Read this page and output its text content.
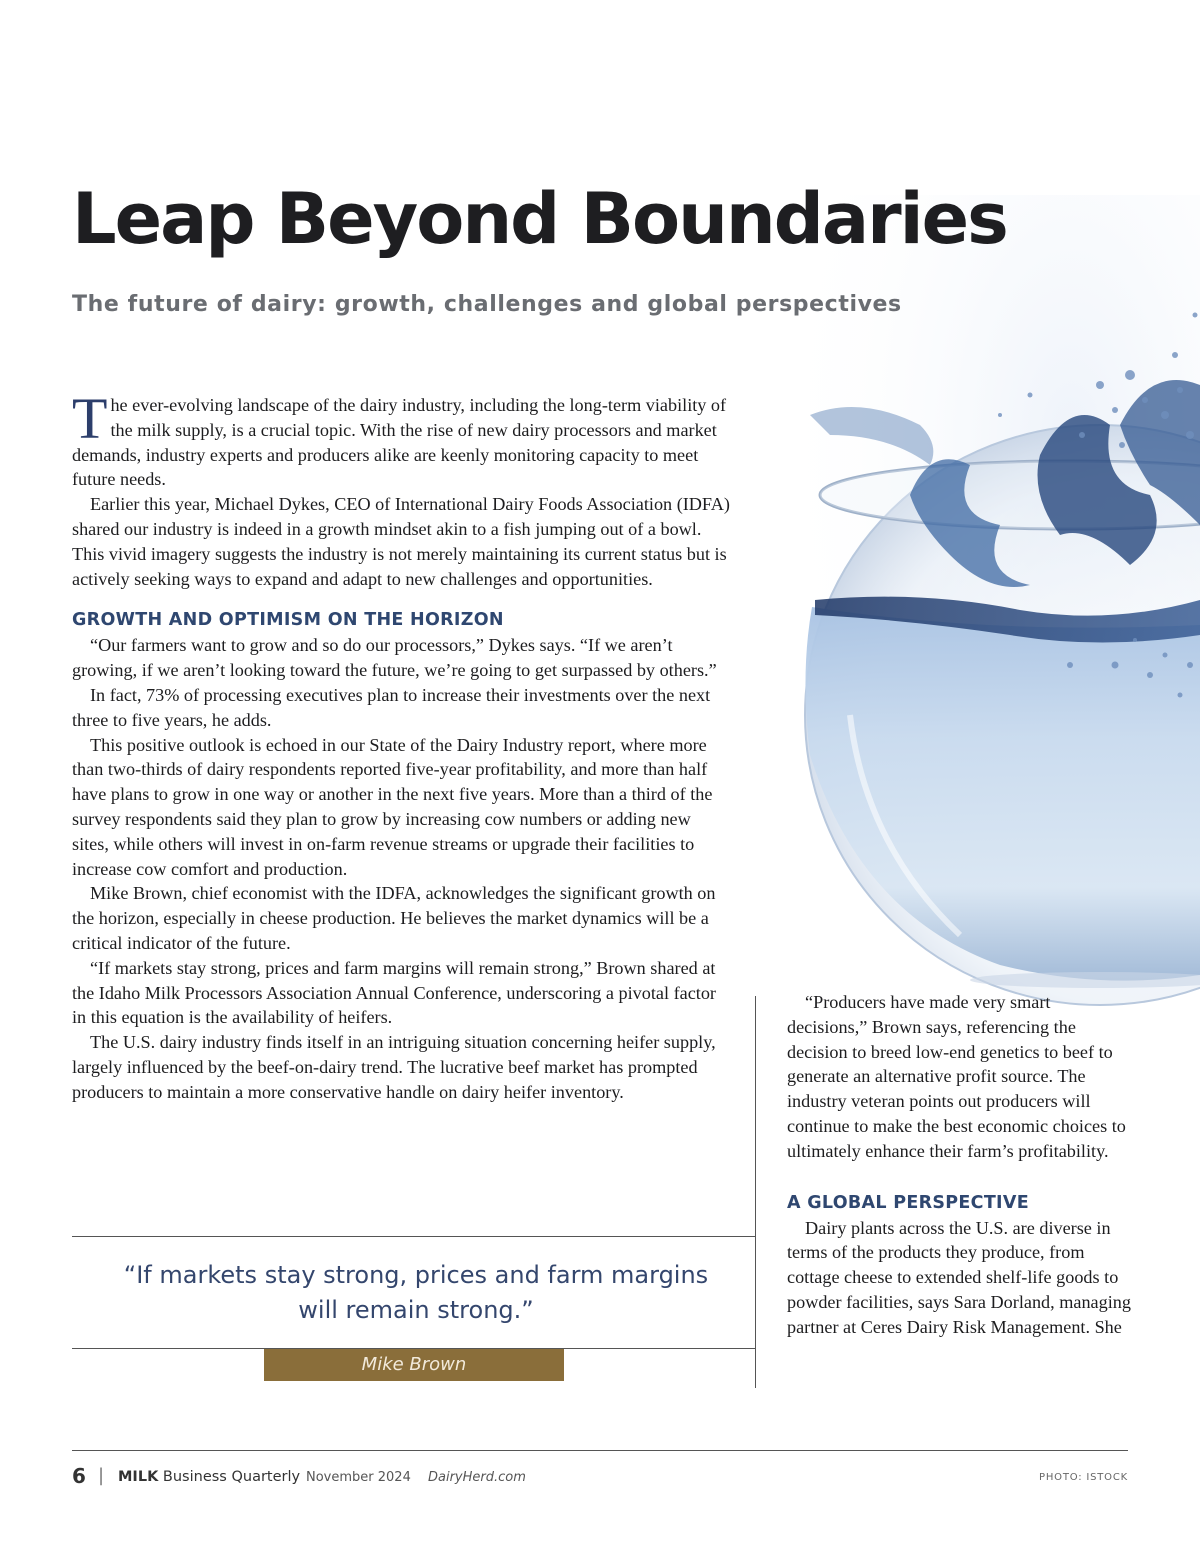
Leap Beyond Boundaries
The future of dairy: growth, challenges and global perspectives

The ever-evolving landscape of the dairy industry, including the long-term viability of the milk supply, is a crucial topic. With the rise of new dairy processors and market demands, industry experts and producers alike are keenly monitoring capacity to meet future needs.

Earlier this year, Michael Dykes, CEO of International Dairy Foods Association (IDFA) shared our industry is indeed in a growth mindset akin to a fish jumping out of a bowl. This vivid imagery suggests the industry is not merely maintaining its current status but is actively seeking ways to expand and adapt to new challenges and opportunities.

GROWTH AND OPTIMISM ON THE HORIZON

“Our farmers want to grow and so do our processors,” Dykes says. “If we aren’t growing, if we aren’t looking toward the future, we’re going to get surpassed by others.”

In fact, 73% of processing executives plan to increase their investments over the next three to five years, he adds.

This positive outlook is echoed in our State of the Dairy Industry report, where more than two-thirds of dairy respondents reported five-year profitability, and more than half have plans to grow in one way or another in the next five years. More than a third of the survey respondents said they plan to grow by increasing cow numbers or adding new sites, while others will invest in on-farm revenue streams or upgrade their facilities to increase cow comfort and production.

Mike Brown, chief economist with the IDFA, acknowledges the significant growth on the horizon, especially in cheese production. He believes the market dynamics will be a critical indicator of the future.

“If markets stay strong, prices and farm margins will remain strong,” Brown shared at the Idaho Milk Processors Association Annual Conference, underscoring a pivotal factor in this equation is the availability of heifers.

The U.S. dairy industry finds itself in an intriguing situation concerning heifer supply, largely influenced by the beef-on-dairy trend. The lucrative beef market has prompted producers to maintain a more conservative handle on dairy heifer inventory.

“Producers have made very smart decisions,” Brown says, referencing the decision to breed low-end genetics to beef to generate an alternative profit source. The industry veteran points out producers will continue to make the best economic choices to ultimately enhance their farm’s profitability.

A GLOBAL PERSPECTIVE

Dairy plants across the U.S. are diverse in terms of the products they produce, from cottage cheese to extended shelf-life goods to powder facilities, says Sara Dorland, managing partner at Ceres Dairy Risk Management. She

“If markets stay strong, prices and farm margins will remain strong.”

Mike Brown
6 | MILK Business Quarterly November 2024 DairyHerd.com	PHOTO: ISTOCK
